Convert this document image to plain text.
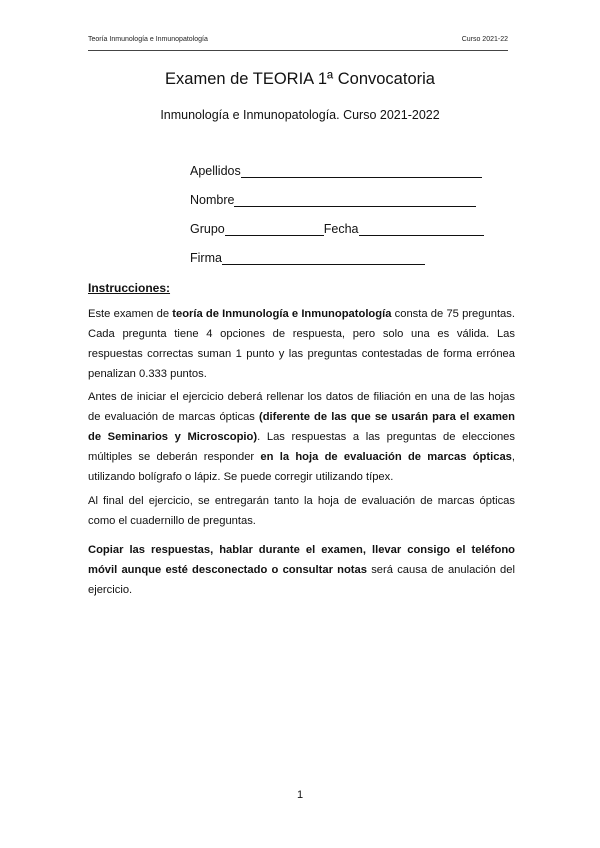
Teoría Inmunología e Inmunopatología	Curso 2021-22
Examen de TEORIA 1ª Convocatoria
Inmunología e Inmunopatología. Curso 2021-2022
Apellidos
Nombre
Grupo	Fecha
Firma
Instrucciones:
Este examen de teoría de Inmunología e Inmunopatología consta de 75 preguntas. Cada pregunta tiene 4 opciones de respuesta, pero solo una es válida. Las respuestas correctas suman 1 punto y las preguntas contestadas de forma errónea penalizan 0.333 puntos.
Antes de iniciar el ejercicio deberá rellenar los datos de filiación en una de las hojas de evaluación de marcas ópticas (diferente de las que se usarán para el examen de Seminarios y Microscopio). Las respuestas a las preguntas de elecciones múltiples se deberán responder en la hoja de evaluación de marcas ópticas, utilizando bolígrafo o lápiz. Se puede corregir utilizando típex.
Al final del ejercicio, se entregarán tanto la hoja de evaluación de marcas ópticas como el cuadernillo de preguntas.
Copiar las respuestas, hablar durante el examen, llevar consigo el teléfono móvil aunque esté desconectado o consultar notas será causa de anulación del ejercicio.
1
